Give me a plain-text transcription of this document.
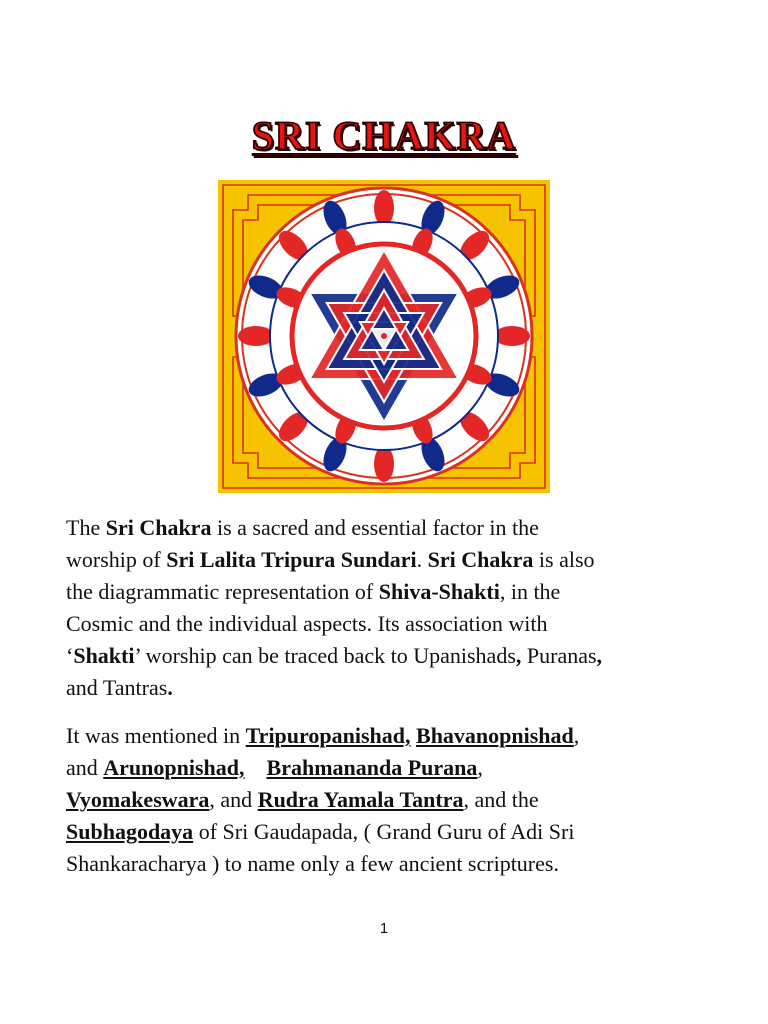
SRI CHAKRA

The Sri Chakra is a sacred and essential factor in the
worship of Sri Lalita Tripura Sundari. Sri Chakra is also
the diagrammatic representation of Shiva-Shakti, in the
Cosmic and the individual aspects. Its association with
‘Shakti’ worship can be traced back to Upanishads, Puranas,
and Tantras.

It was mentioned in Tripuropanishad, Bhavanopnishad,
and Arunopnishad, Brahmananda Purana,
Vyomakeswara, and Rudra Yamala Tantra, and the
Subhagodaya of Sri Gaudapada, ( Grand Guru of Adi Sri
Shankaracharya ) to name only a few ancient scriptures.

1
